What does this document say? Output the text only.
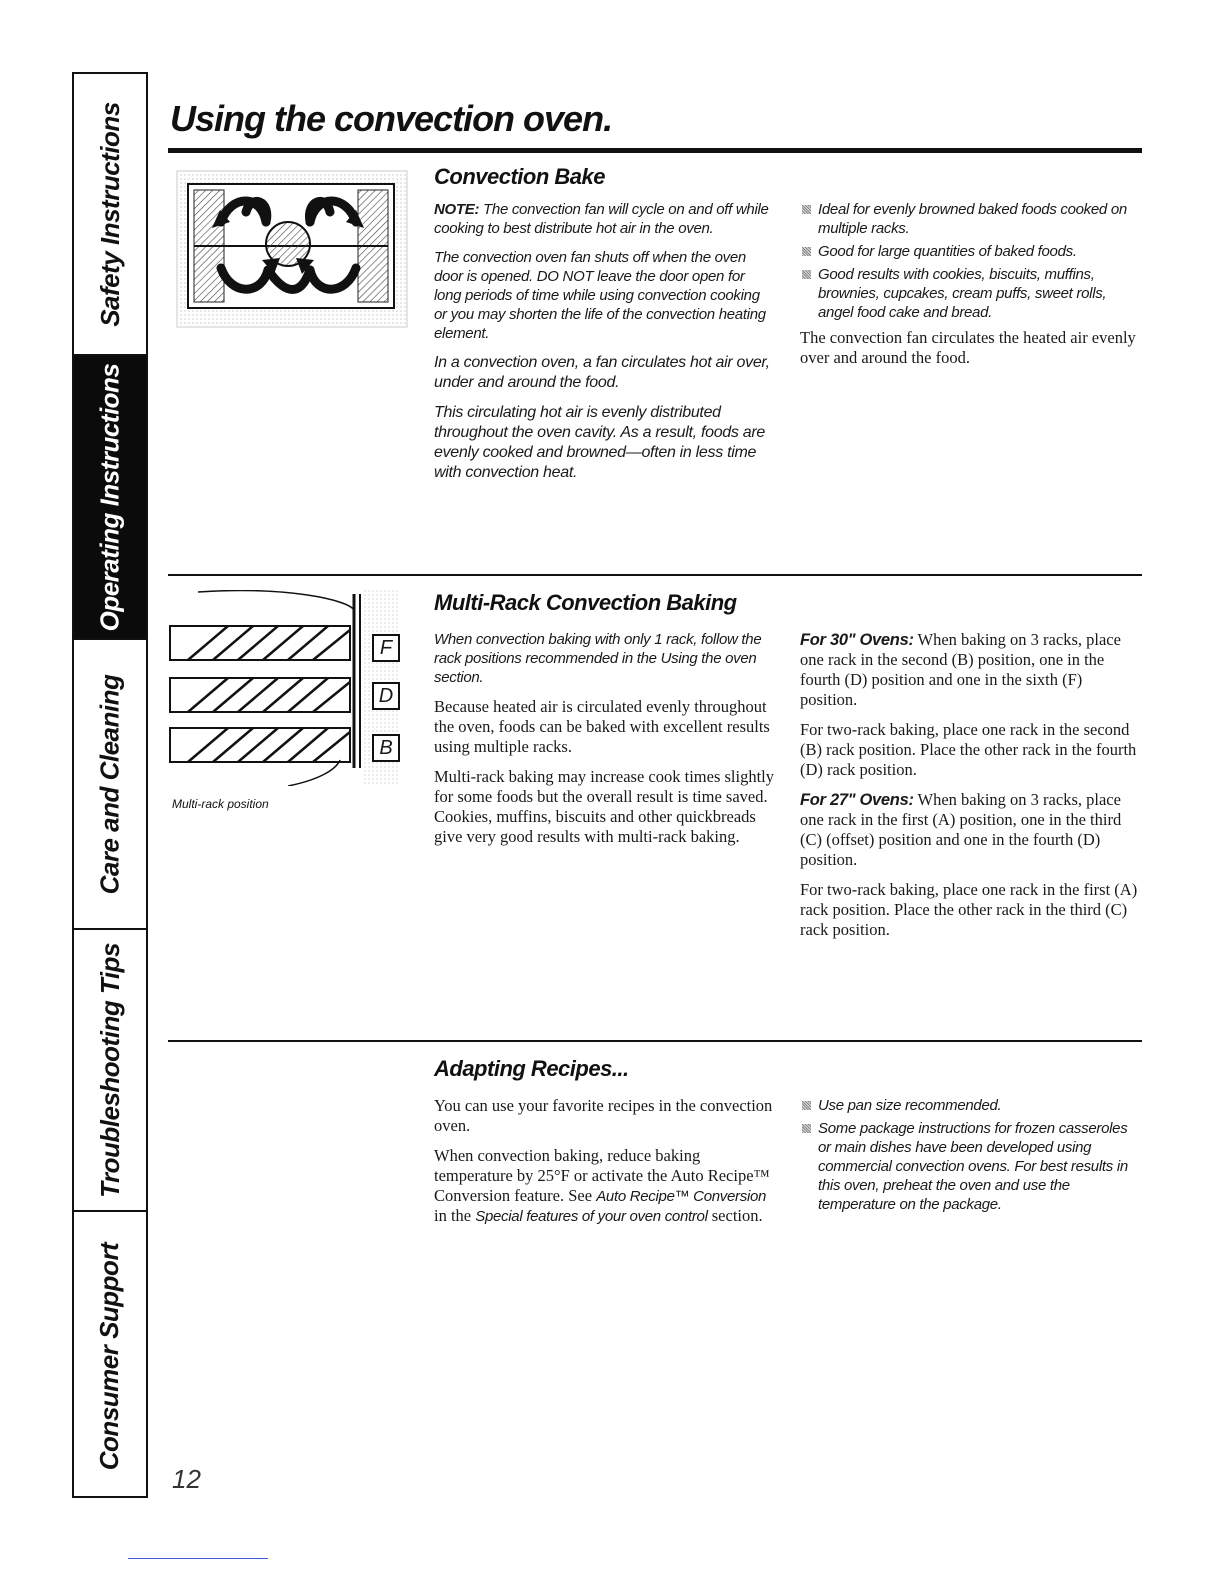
Safety Instructions
Operating Instructions
Care and Cleaning
Troubleshooting Tips
Consumer Support
Using the convection oven.
Convection Bake

NOTE: The convection fan will cycle on and off while cooking to best distribute hot air in the oven.

The convection oven fan shuts off when the oven door is opened. DO NOT leave the door open for long periods of time while using convection cooking or you may shorten the life of the convection heating element.

In a convection oven, a fan circulates hot air over, under and around the food.

This circulating hot air is evenly distributed throughout the oven cavity. As a result, foods are evenly cooked and browned—often in less time with convection heat.

Ideal for evenly browned baked foods cooked on multiple racks.
Good for large quantities of baked foods.
Good results with cookies, biscuits, muffins, brownies, cupcakes, cream puffs, sweet rolls, angel food cake and bread.

The convection fan circulates the heated air evenly over and around the food.

F
D
B
Multi-rack position
Multi-Rack Convection Baking

When convection baking with only 1 rack, follow the rack positions recommended in the Using the oven section.

Because heated air is circulated evenly throughout the oven, foods can be baked with excellent results using multiple racks.

Multi-rack baking may increase cook times slightly for some foods but the overall result is time saved. Cookies, muffins, biscuits and other quickbreads give very good results with multi-rack baking.

For 30" Ovens: When baking on 3 racks, place one rack in the second (B) position, one in the fourth (D) position and one in the sixth (F) position.

For two-rack baking, place one rack in the second (B) rack position. Place the other rack in the fourth (D) rack position.

For 27" Ovens: When baking on 3 racks, place one rack in the first (A) position, one in the third (C) (offset) position and one in the fourth (D) position.

For two-rack baking, place one rack in the first (A) rack position. Place the other rack in the third (C) rack position.

Adapting Recipes...

You can use your favorite recipes in the convection oven.

When convection baking, reduce baking temperature by 25°F or activate the Auto Recipe™ Conversion feature. See Auto Recipe™ Conversion in the Special features of your oven control section.

Use pan size recommended.
Some package instructions for frozen casseroles or main dishes have been developed using commercial convection ovens. For best results in this oven, preheat the oven and use the temperature on the package.
12
